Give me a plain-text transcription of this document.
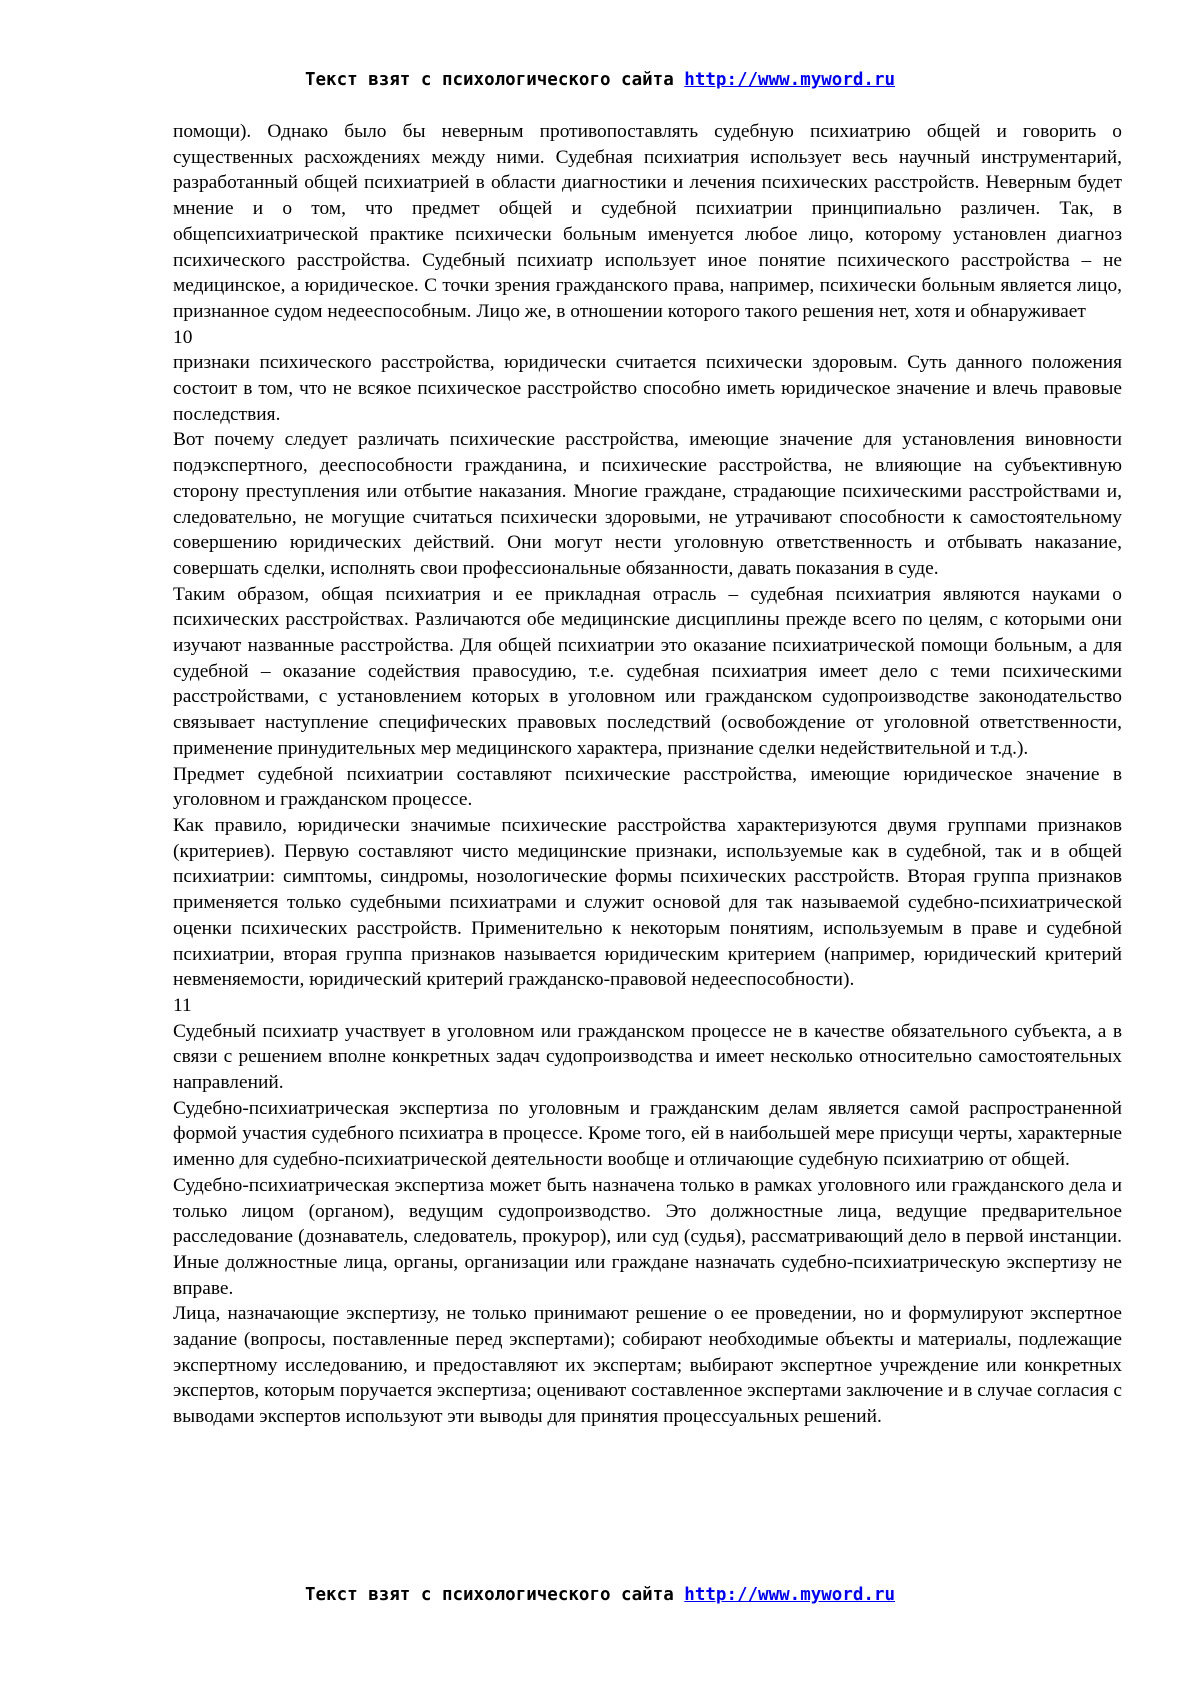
Текст взят с психологического сайта http://www.myword.ru

помощи). Однако было бы неверным противопоставлять судебную психиатрию общей и говорить о существенных расхождениях между ними. Судебная психиатрия использует весь научный инструментарий, разработанный общей психиатрией в области диагностики и лечения психических расстройств. Неверным будет мнение и о том, что предмет общей и судебной психиатрии принципиально различен. Так, в общепсихиатрической практике психически больным именуется любое лицо, которому установлен диагноз психического расстройства. Судебный психиатр использует иное понятие психического расстройства – не медицинское, а юридическое. С точки зрения гражданского права, например, психически больным является лицо, признанное судом недееспособным. Лицо же, в отношении которого такого решения нет, хотя и обнаруживает

10

признаки психического расстройства, юридически считается психически здоровым. Суть данного положения состоит в том, что не всякое психическое расстройство способно иметь юридическое значение и влечь правовые последствия.

Вот почему следует различать психические расстройства, имеющие значение для установления виновности подэкспертного, дееспособности гражданина, и психические расстройства, не влияющие на субъективную сторону преступления или отбытие наказания. Многие граждане, страдающие психическими расстройствами и, следовательно, не могущие считаться психически здоровыми, не утрачивают способности к самостоятельному совершению юридических действий. Они могут нести уголовную ответственность и отбывать наказание, совершать сделки, исполнять свои профессиональные обязанности, давать показания в суде.

Таким образом, общая психиатрия и ее прикладная отрасль – судебная психиатрия являются науками о психических расстройствах. Различаются обе медицинские дисциплины прежде всего по целям, с которыми они изучают названные расстройства. Для общей психиатрии это оказание психиатрической помощи больным, а для судебной – оказание содействия правосудию, т.е. судебная психиатрия имеет дело с теми психическими расстройствами, с установлением которых в уголовном или гражданском судопроизводстве законодательство связывает наступление специфических правовых последствий (освобождение от уголовной ответственности, применение принудительных мер медицинского характера, признание сделки недействительной и т.д.).

Предмет судебной психиатрии составляют психические расстройства, имеющие юридическое значение в уголовном и гражданском процессе.

Как правило, юридически значимые психические расстройства характеризуются двумя группами признаков (критериев). Первую составляют чисто медицинские признаки, используемые как в судебной, так и в общей психиатрии: симптомы, синдромы, нозологические формы психических расстройств. Вторая группа признаков применяется только судебными психиатрами и служит основой для так называемой судебно-психиатрической оценки психических расстройств. Применительно к некоторым понятиям, используемым в праве и судебной психиатрии, вторая группа признаков называется юридическим критерием (например, юридический критерий невменяемости, юридический критерий гражданско-правовой недееспособности).

11

Судебный психиатр участвует в уголовном или гражданском процессе не в качестве обязательного субъекта, а в связи с решением вполне конкретных задач судопроизводства и имеет несколько относительно самостоятельных направлений.

Судебно-психиатрическая экспертиза по уголовным и гражданским делам является самой распространенной формой участия судебного психиатра в процессе. Кроме того, ей в наибольшей мере присущи черты, характерные именно для судебно-психиатрической деятельности вообще и отличающие судебную психиатрию от общей.

Судебно-психиатрическая экспертиза может быть назначена только в рамках уголовного или гражданского дела и только лицом (органом), ведущим судопроизводство. Это должностные лица, ведущие предварительное расследование (дознаватель, следователь, прокурор), или суд (судья), рассматривающий дело в первой инстанции. Иные должностные лица, органы, организации или граждане назначать судебно-психиатрическую экспертизу не вправе.

Лица, назначающие экспертизу, не только принимают решение о ее проведении, но и формулируют экспертное задание (вопросы, поставленные перед экспертами); собирают необходимые объекты и материалы, подлежащие экспертному исследованию, и предоставляют их экспертам; выбирают экспертное учреждение или конкретных экспертов, которым поручается экспертиза; оценивают составленное экспертами заключение и в случае согласия с выводами экспертов используют эти выводы для принятия процессуальных решений.

Текст взят с психологического сайта http://www.myword.ru
